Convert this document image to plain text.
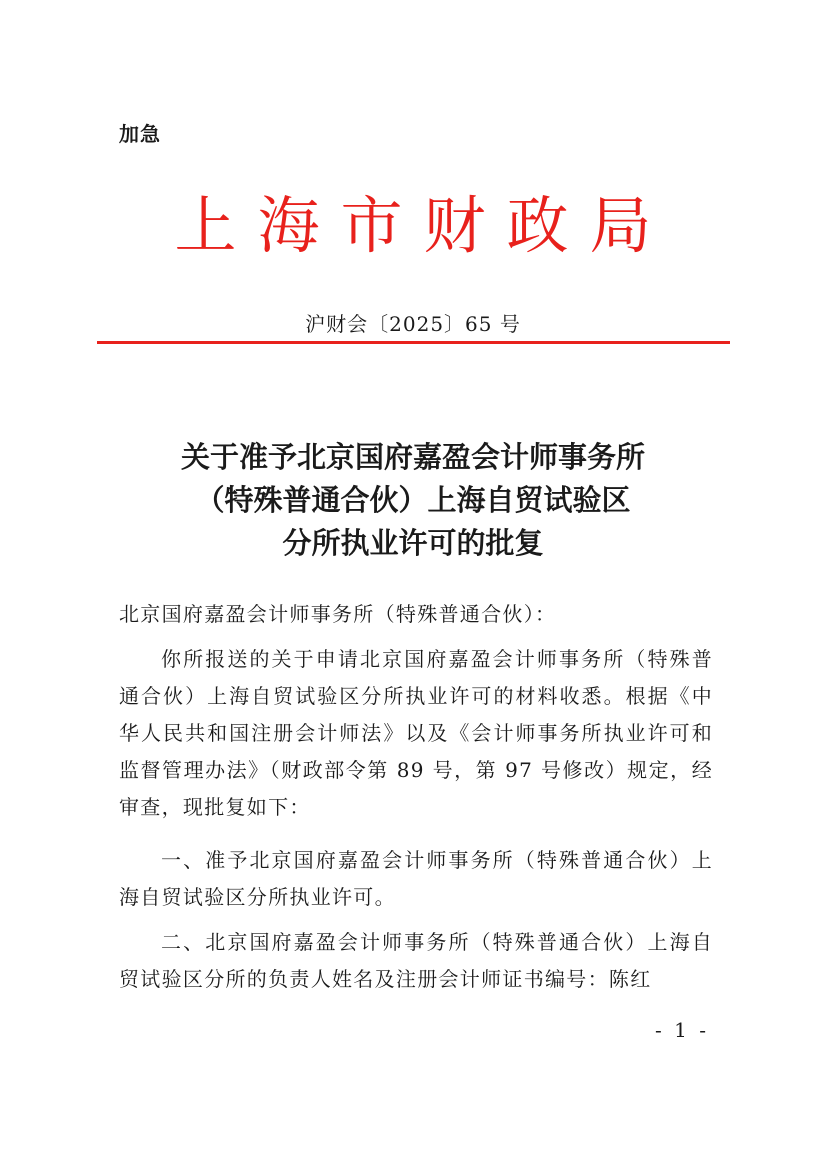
加急
上海市财政局
沪财会〔2025〕65 号
关于准予北京国府嘉盈会计师事务所
（特殊普通合伙）上海自贸试验区
分所执业许可的批复
北京国府嘉盈会计师事务所（特殊普通合伙）：
你所报送的关于申请北京国府嘉盈会计师事务所（特殊普通合伙）上海自贸试验区分所执业许可的材料收悉。根据《中华人民共和国注册会计师法》以及《会计师事务所执业许可和监督管理办法》（财政部令第 89 号，第 97 号修改）规定，经审查，现批复如下：
一、准予北京国府嘉盈会计师事务所（特殊普通合伙）上海自贸试验区分所执业许可。
二、北京国府嘉盈会计师事务所（特殊普通合伙）上海自贸试验区分所的负责人姓名及注册会计师证书编号：陈红
- 1 -
